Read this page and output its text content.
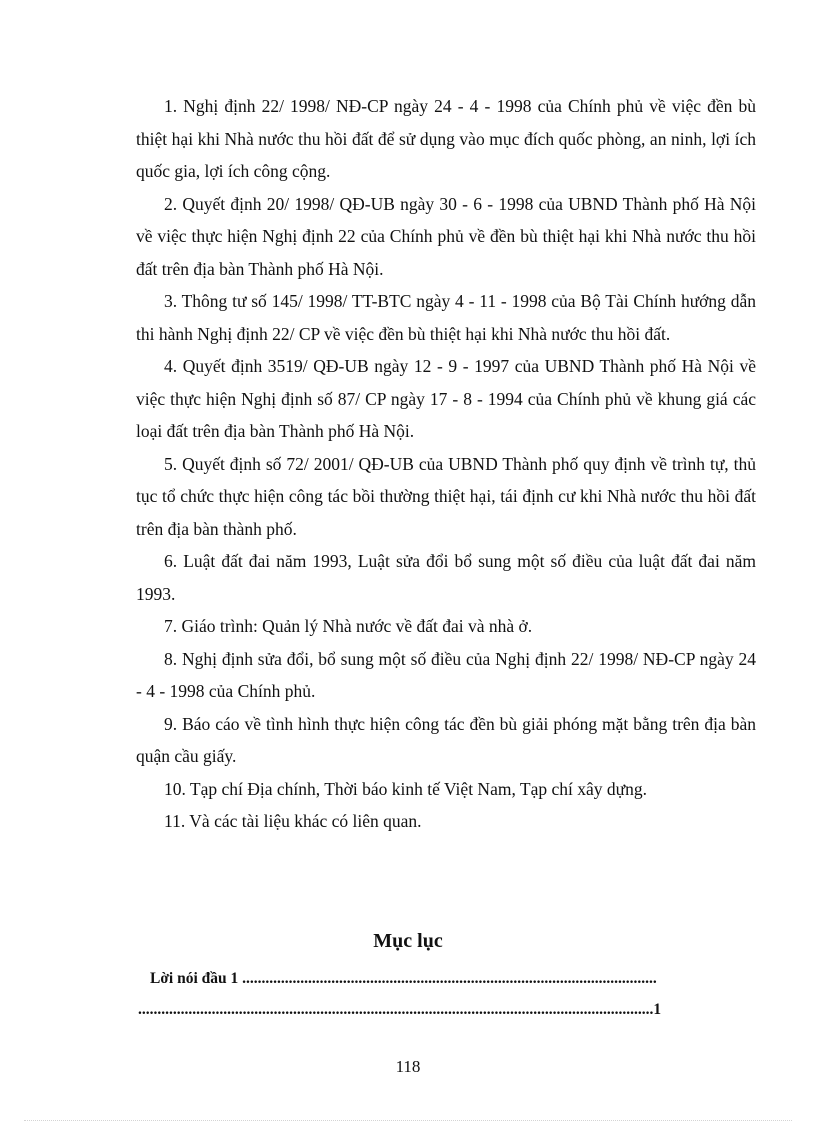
1. Nghị định 22/ 1998/ NĐ-CP ngày 24 - 4 - 1998 của Chính phủ về việc đền bù thiệt hại khi Nhà nước thu hồi đất để sử dụng vào mục đích quốc phòng, an ninh, lợi ích quốc gia, lợi ích công cộng.

2. Quyết định 20/ 1998/ QĐ-UB ngày 30 - 6 - 1998 của UBND Thành phố Hà Nội về việc thực hiện Nghị định 22 của Chính phủ về đền bù thiệt hại khi Nhà nước thu hồi đất trên địa bàn Thành phố Hà Nội.

3. Thông tư số 145/ 1998/ TT-BTC ngày 4 - 11 - 1998 của Bộ Tài Chính hướng dẫn thi hành Nghị định 22/ CP về việc đền bù thiệt hại khi Nhà nước thu hồi đất.

4. Quyết định 3519/ QĐ-UB ngày 12 - 9 - 1997 của UBND Thành phố Hà Nội về việc thực hiện Nghị định số 87/ CP ngày 17 - 8 - 1994 của Chính phủ về khung giá các loại đất trên địa bàn Thành phố Hà Nội.

5. Quyết định số 72/ 2001/ QĐ-UB của UBND Thành phố quy định về trình tự, thủ tục tổ chức thực hiện công tác bồi thường thiệt hại, tái định cư khi Nhà nước thu hồi đất trên địa bàn thành phố.

6. Luật đất đai năm 1993, Luật sửa đổi bổ sung một số điều của luật đất đai năm 1993.

7. Giáo trình: Quản lý Nhà nước về đất đai và nhà ở.

8. Nghị định sửa đổi, bổ sung một số điều của Nghị định 22/ 1998/ NĐ-CP ngày 24 - 4 - 1998 của Chính phủ.

9. Báo cáo về tình hình thực hiện công tác đền bù giải phóng mặt bằng trên địa bàn quận cầu giấy.

10. Tạp chí Địa chính, Thời báo kinh tế Việt Nam, Tạp chí xây dựng.

11. Và các tài liệu khác có liên quan.

Mục lục
Lời nói đầu 1 ...........................................................................................................
.....................................................................................................................................1
118
